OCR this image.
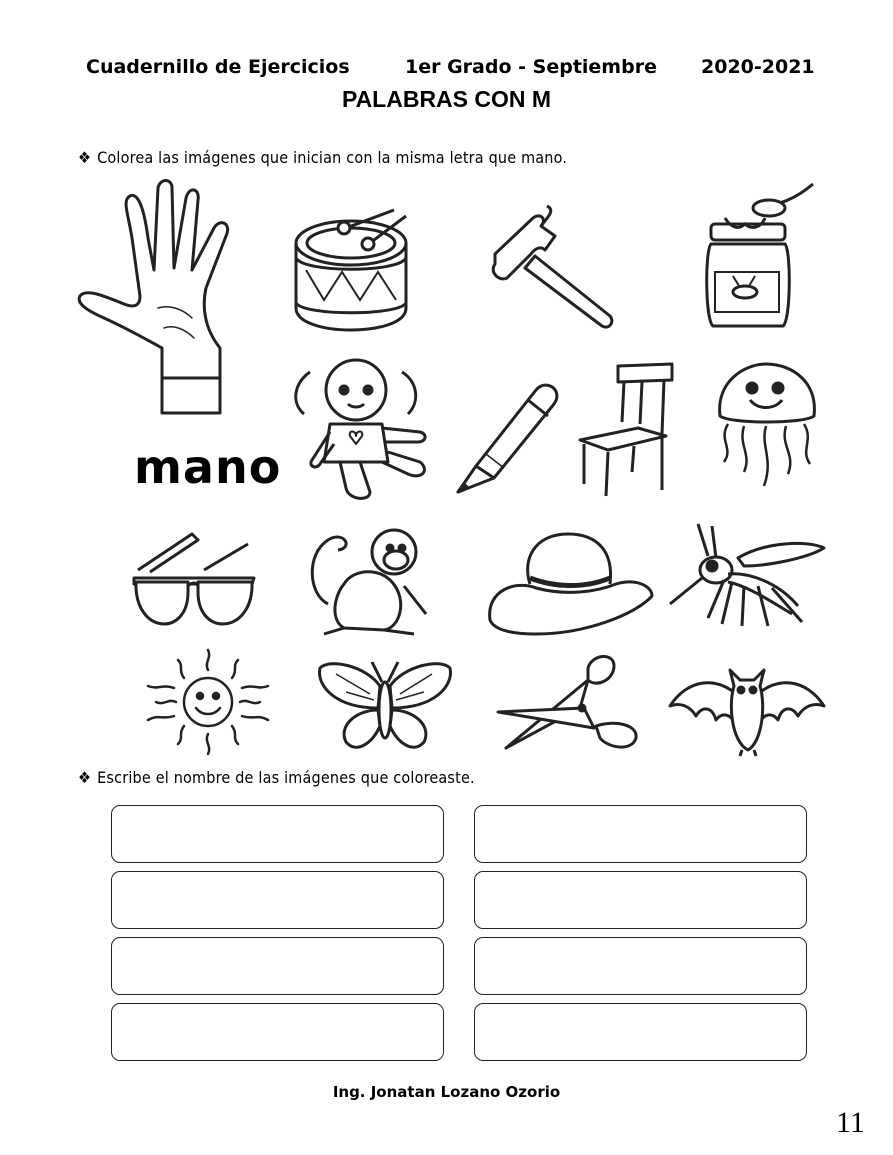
Cuadernillo de Ejercicios	1er Grado - Septiembre 2020-2021
PALABRAS CON M
❖ Colorea las imágenes que inician con la misma letra que mano.
mano
❖ Escribe el nombre de las imágenes que coloreaste.
Ing. Jonatan Lozano Ozorio
11
